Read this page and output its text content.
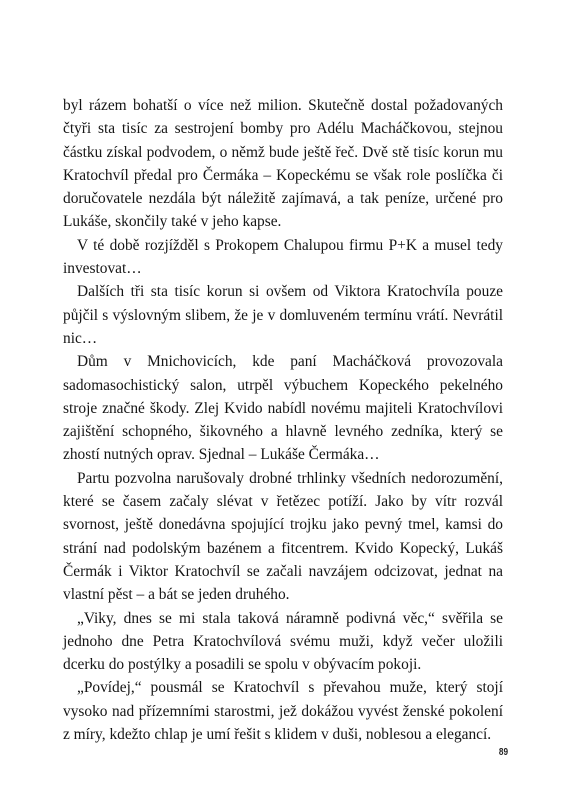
byl rázem bohatší o více než milion. Skutečně dostal požadovaných čtyři sta tisíc za sestrojení bomby pro Adélu Macháčkovou, stejnou částku získal podvodem, o němž bude ještě řeč. Dvě stě tisíc korun mu Kratochvíl předal pro Čermáka – Kopeckému se však role poslíčka či doručovatele nezdála být náležitě zajímavá, a tak peníze, určené pro Lukáše, skončily také v jeho kapse.

V té době rozjížděl s Prokopem Chalupou firmu P+K a musel tedy investovat…

Dalších tři sta tisíc korun si ovšem od Viktora Kratochvíla pouze půjčil s výslovným slibem, že je v domluveném termínu vrátí. Nevrátil nic…

Dům v Mnichovicích, kde paní Macháčková provozovala sadomasochistický salon, utrpěl výbuchem Kopeckého pekelného stroje značné škody. Zlej Kvido nabídl novému majiteli Kratochvílovi zajištění schopného, šikovného a hlavně levného zedníka, který se zhostí nutných oprav. Sjednal – Lukáše Čermáka…

Partu pozvolna narušovaly drobné trhlinky všedních nedorozumění, které se časem začaly slévat v řetězec potíží. Jako by vítr rozvál svornost, ještě donedávna spojující trojku jako pevný tmel, kamsi do strání nad podolským bazénem a fitcentrem. Kvido Kopecký, Lukáš Čermák i Viktor Kratochvíl se začali navzájem odcizovat, jednat na vlastní pěst – a bát se jeden druhého.

„Viky, dnes se mi stala taková náramně podivná věc,“ svěřila se jednoho dne Petra Kratochvílová svému muži, když večer uložili dcerku do postýlky a posadili se spolu v obývacím pokoji.

„Povídej,“ pousmál se Kratochvíl s převahou muže, který stojí vysoko nad přízemními starostmi, jež dokážou vyvést ženské pokolení z míry, kdežto chlap je umí řešit s klidem v duši, noblesou a elegancí.

89
